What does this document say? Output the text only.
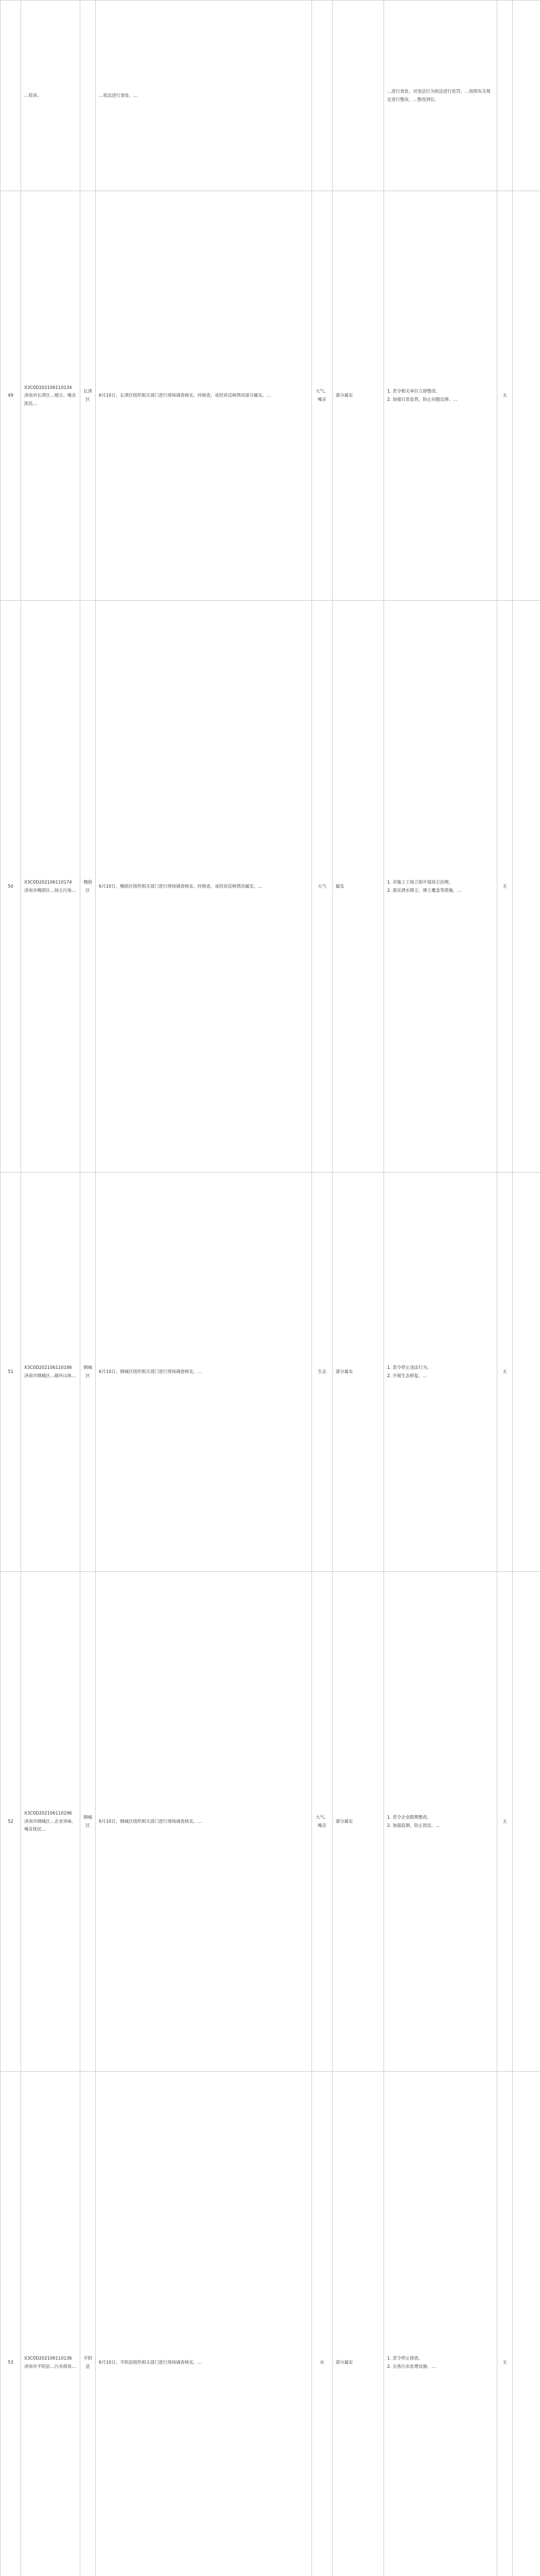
	…投诉。		…依法进行查处。…			…进行查处，对违法行为依法进行处罚。…按照有关规定进行整改。…整改到位。		
49	X3C0D202106110134 济南市长清区…烟尘、噪音扰民…	长清区	6月10日，长清区组织相关部门进行现场调查核实。经核查，该投诉反映情况部分属实。…	大气、噪音	部分属实	1. 责令相关单位立即整改。
2. 加强日常监管，防止问题反弹。…	无	
50	X3C0D202106110174 济南市槐荫区…扬尘污染…	槐荫区	6月10日，槐荫区组织相关部门进行现场调查核实。经核查，该投诉反映情况属实。…	大气	属实	1. 对施工工地立即开展扬尘治理。
2. 落实洒水降尘、裸土覆盖等措施。…	无	
51	X3C0D202106110186 济南市钢城区…破坏山体…	钢城区	6月10日，钢城区组织相关部门进行现场调查核实。…	生态	部分属实	1. 责令停止违法行为。
2. 开展生态修复。…	无	
52	X3C0D202106110196 济南市钢城区…企业异味、噪音扰民…	钢城区	6月10日，钢城区组织相关部门进行现场调查核实。…	大气、噪音	部分属实	1. 责令企业限期整改。
2. 加强监测，防止扰民。…	无	
53	X3C0D202106110136 济南市平阴县…污水排放…	平阴县	6月10日，平阴县组织相关部门进行现场调查核实。…	水	部分属实	1. 责令停止排放。
2. 完善污水处理设施。…	无	
